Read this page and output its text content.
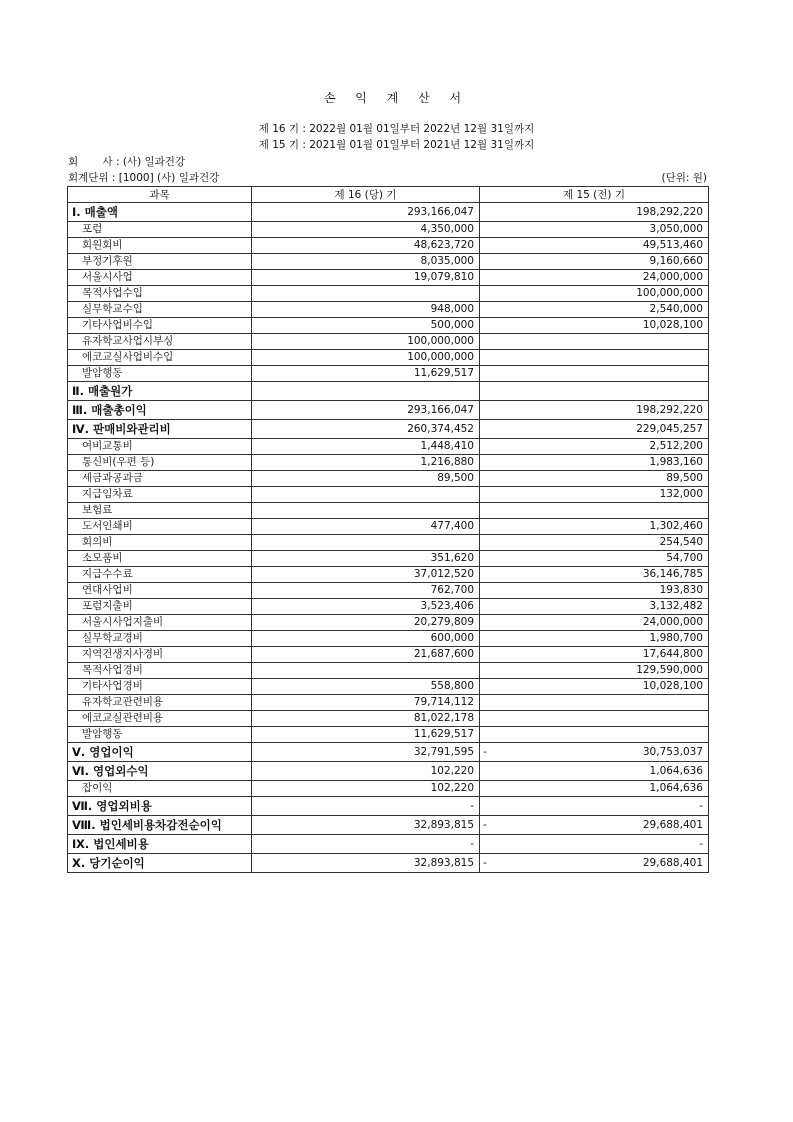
손 익 계 산 서
제 16 기 : 2022월 01월 01일부터 2022년 12월 31일까지
제 15 기 : 2021월 01월 01일부터 2021년 12월 31일까지
회　　 사 : (사) 일과건강
회계단위 : [1000] (사) 일과건강	(단위: 원)
과목	제 16 (당) 기	제 15 (전) 기
Ⅰ. 매출액	293,166,047	198,292,220
포럼	4,350,000	3,050,000
회원회비	48,623,720	49,513,460
부정기후원	8,035,000	9,160,660
서울시사업	19,079,810	24,000,000
목적사업수입		100,000,000
실무학교수입	948,000	2,540,000
기타사업비수입	500,000	10,028,100
유자학교사업시부싱	100,000,000	
에코교실사업비수입	100,000,000	
발암행동	11,629,517	
Ⅱ. 매출원가		
Ⅲ. 매출총이익	293,166,047	198,292,220
Ⅳ. 판매비와관리비	260,374,452	229,045,257
여비교통비	1,448,410	2,512,200
통신비(우편 등)	1,216,880	1,983,160
세금과공과금	89,500	89,500
지급임차료		132,000
보험료		
도서인쇄비	477,400	1,302,460
회의비		254,540
소모품비	351,620	54,700
지급수수료	37,012,520	36,146,785
연대사업비	762,700	193,830
포럼지출비	3,523,406	3,132,482
서울시사업지출비	20,279,809	24,000,000
실무학교경비	600,000	1,980,700
지역건생지사경비	21,687,600	17,644,800
목적사업경비		129,590,000
기타사업경비	558,800	10,028,100
유자학교관련비용	79,714,112	
에코교실관련비용	81,022,178	
발암행동	11,629,517	
Ⅴ. 영업이익	32,791,595	- 30,753,037
Ⅵ. 영업외수익	102,220	1,064,636
잡이익	102,220	1,064,636
Ⅶ. 영업외비용	-	-
Ⅷ. 법인세비용차감전순이익	32,893,815	- 29,688,401
Ⅸ. 법인세비용	-	-
Ⅹ. 당기순이익	32,893,815	- 29,688,401
